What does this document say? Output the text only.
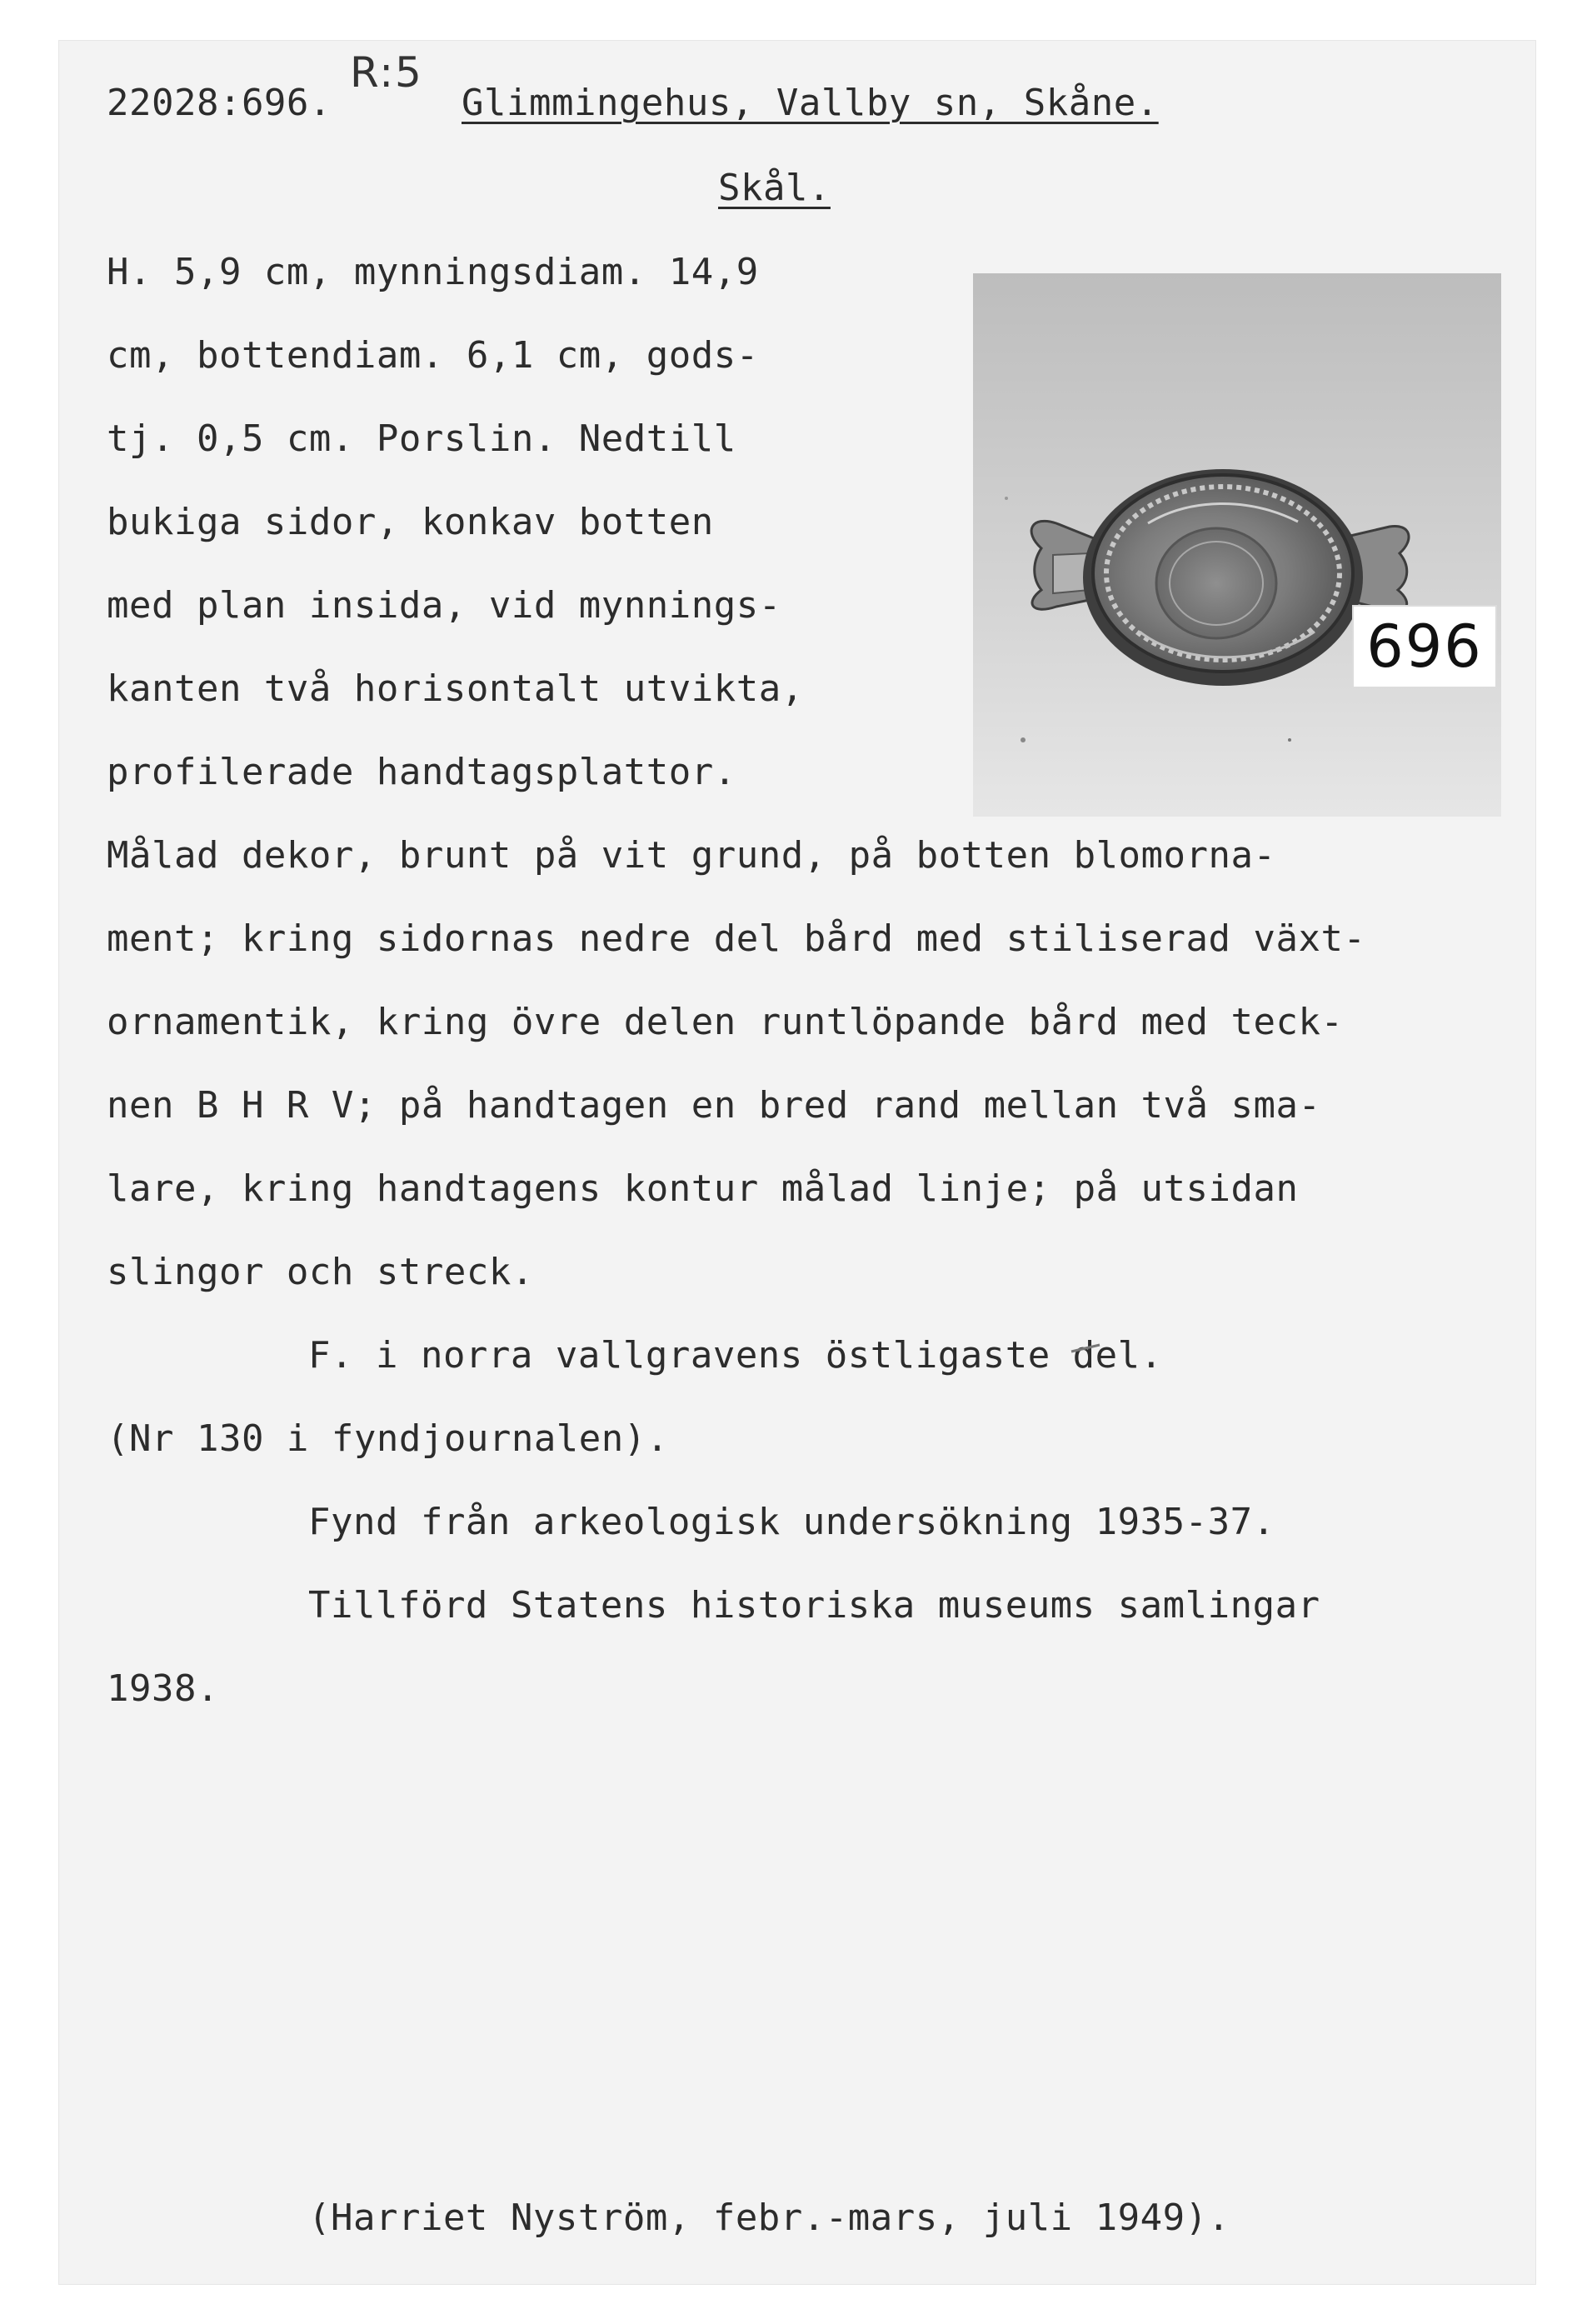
22028:696.
R:5
Glimmingehus, Vallby sn, Skåne.
Skål.
696
H. 5,9 cm, mynningsdiam. 14,9
cm, bottendiam. 6,1 cm, gods-
tj. 0,5 cm. Porslin. Nedtill
bukiga sidor, konkav botten
med plan insida, vid mynnings-
kanten två horisontalt utvikta,
profilerade handtagsplattor.
Målad dekor, brunt på vit grund, på botten blomorna-
ment; kring sidornas nedre del bård med stiliserad växt-
ornamentik, kring övre delen runtlöpande bård med teck-
nen B H R V; på handtagen en bred rand mellan två sma-
lare, kring handtagens kontur målad linje; på utsidan
slingor och streck.
F. i norra vallgravens östligaste del.
(Nr 130 i fyndjournalen).
Fynd från arkeologisk undersökning 1935-37.
Tillförd Statens historiska museums samlingar
1938.
(Harriet Nyström, febr.-mars, juli 1949).
